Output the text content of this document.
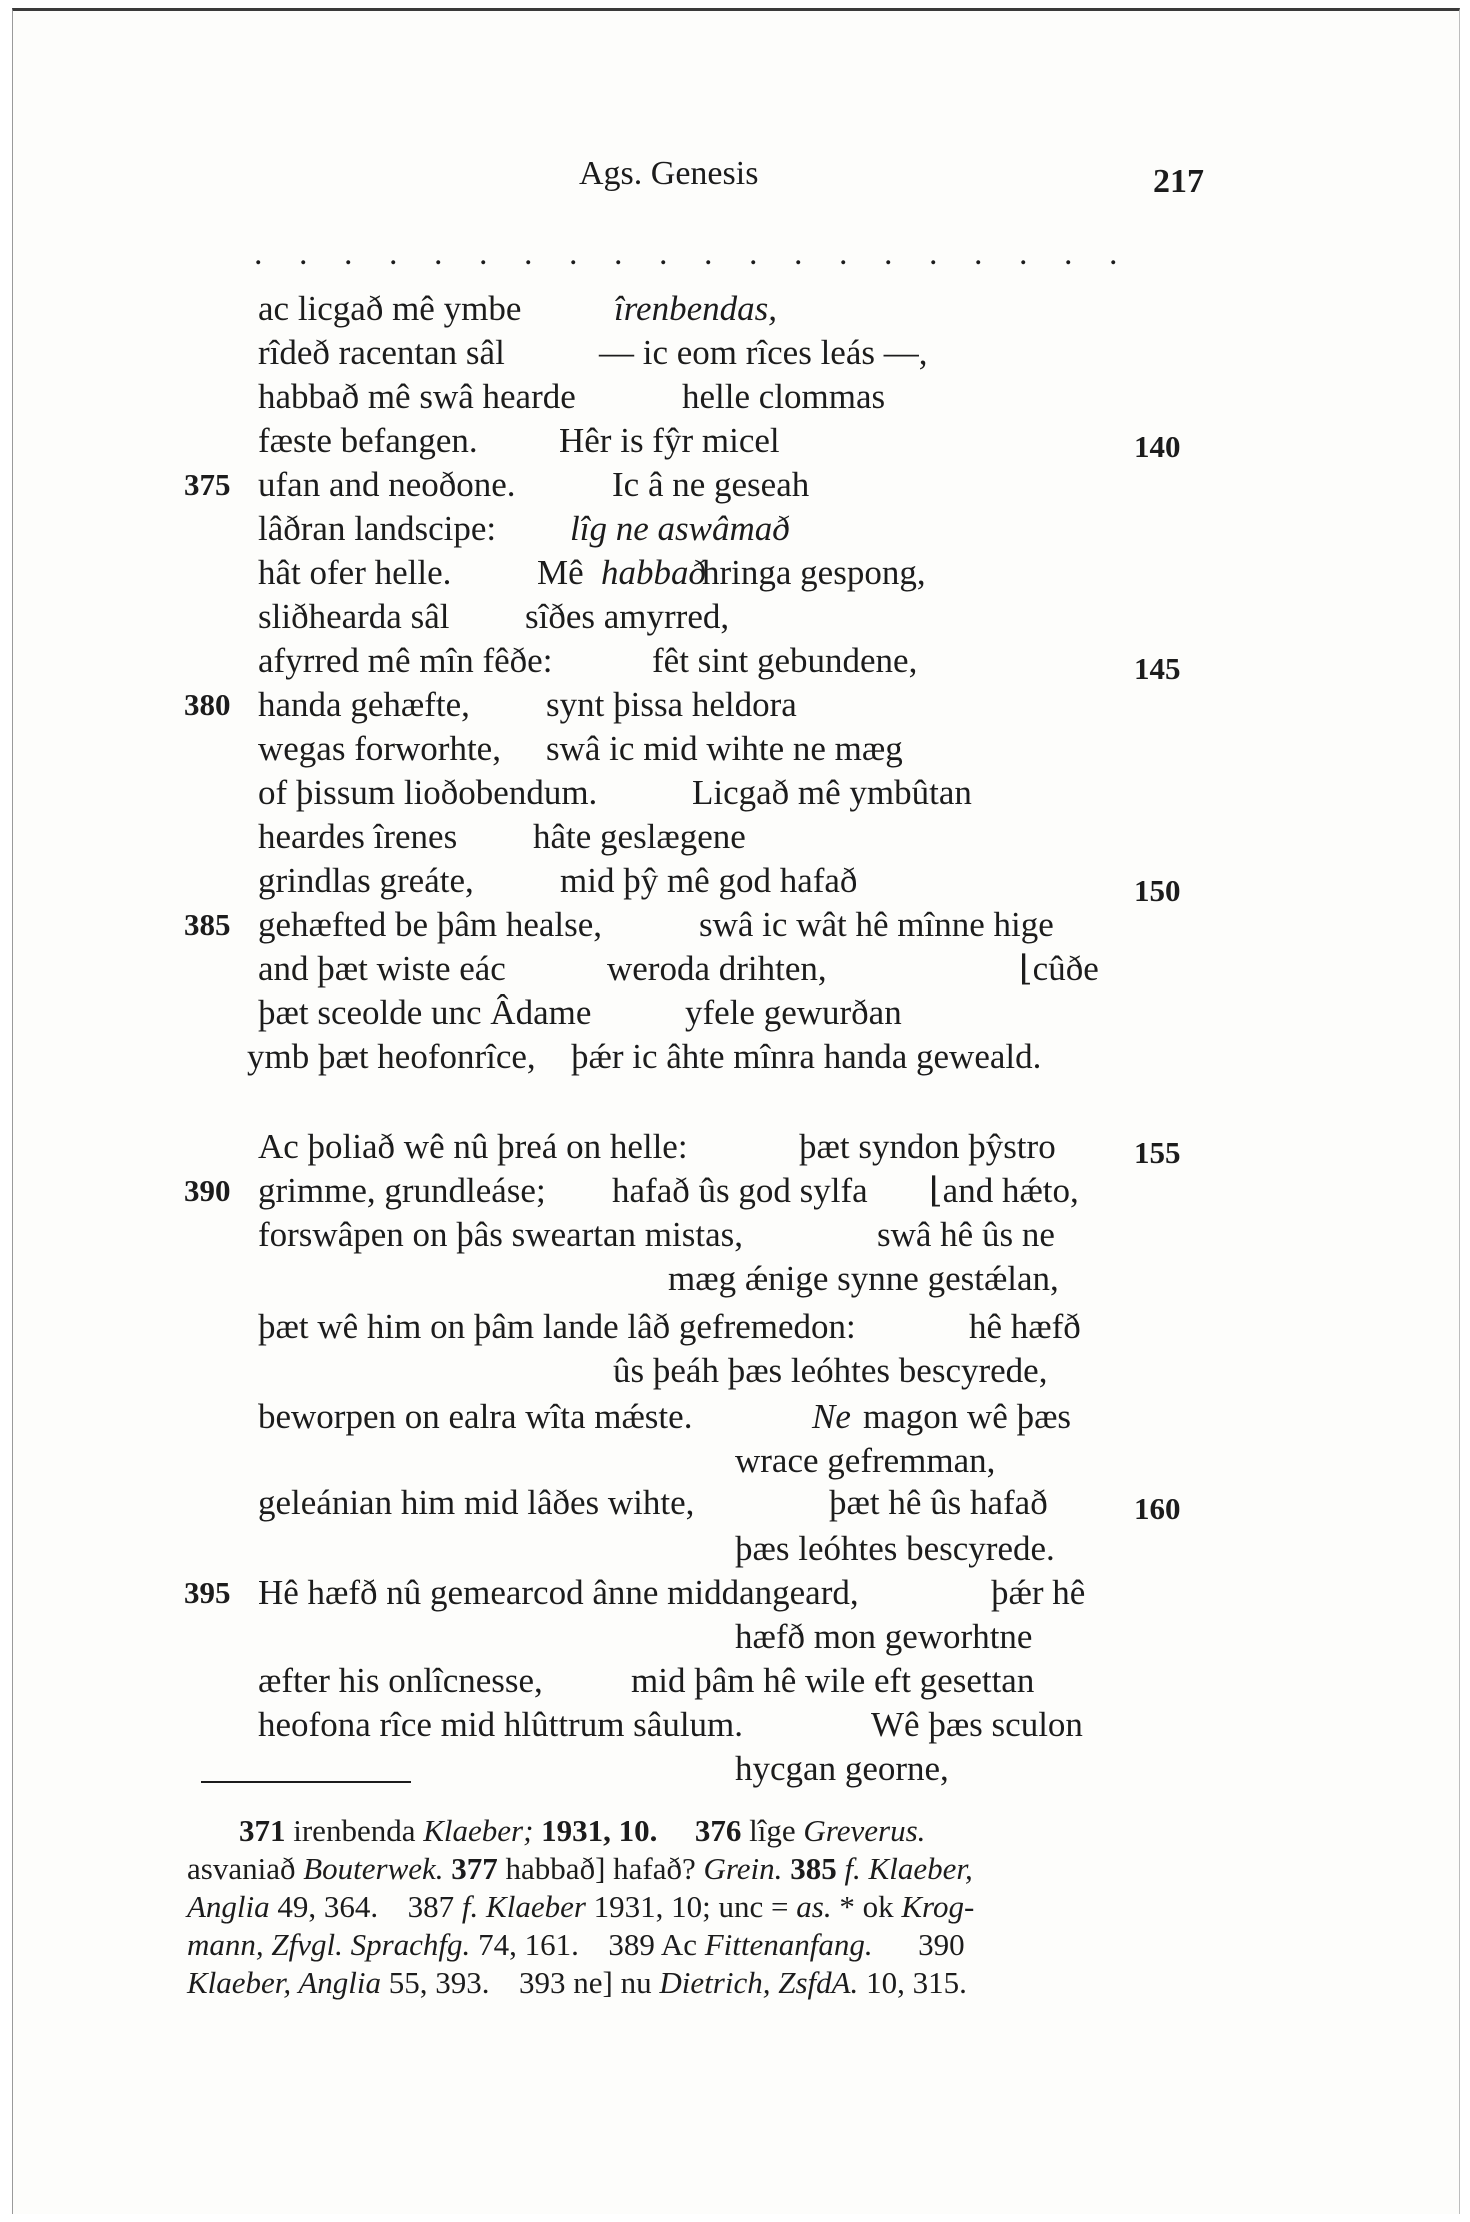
Ags. Genesis	217
. . . . . . . . . . . . . . . . . . . .
ac licgað mê ymbe	îrenbendas,
rîdeð racentan sâl	— ic eom rîces leás —,
habbað mê swâ hearde	helle clommas
fæste befangen. Hêr is fŷr micel	140
375 ufan and neoðone.	Ic â ne geseah
lâðran landscipe: lîg ne aswâmað
hât ofer helle. Mê habbað
hringa gespong,
sliðhearda sâl sîðes amyrred,
afyrred mê mîn fêðe:	fêt sint gebundene,	145
380 handa gehæfte, synt þissa heldora
wegas forworhte, swâ ic mid wihte ne mæg
of þissum lioðobendum.	Licgað mê ymbûtan
heardes îrenes hâte geslægene
grindlas greáte, mid þŷ mê god hafað	150
385 gehæfted be þâm healse,	swâ ic wât hê mînne hige
and þæt wiste eác	weroda drihten,	⌊cûðe
þæt sceolde unc Âdame	yfele gewurðan
ymb þæt heofonrîce, þǽr ic âhte mînra handa geweald.
Ac þoliað wê nû þreá on helle:	þæt syndon þŷstro	155
390 grimme, grundleáse; hafað ûs god sylfa ⌊and hǽto,
forswâpen on þâs sweartan mistas,	swâ hê ûs ne
mæg ǽnige synne gestǽlan,
þæt wê him on þâm lande lâð gefremedon:	hê hæfð
ûs þeáh þæs leóhtes bescyrede,
beworpen on ealra wîta mǽste.	Ne magon wê þæs
wrace gefremman,
geleánian him mid lâðes wihte,	þæt hê ûs hafað	160
þæs leóhtes bescyrede.
395 Hê hæfð nû gemearcod ânne middangeard,	þǽr hê
hæfð mon geworhtne
æfter his onlîcnesse,	mid þâm hê wile eft gesettan
heofona rîce mid hlûttrum sâulum.	Wê þæs sculon
hycgan georne,
371 irenbenda Klaeber; 1931, 10. 376 lîge Greverus.
asvaniað Bouterwek. 377 habbað] hafað? Grein. 385 f. Klaeber,
Anglia 49, 364. 387 f. Klaeber 1931, 10; unc = as. * ok Krog-
mann, Zfvgl. Sprachfg. 74, 161. 389 Ac Fittenanfang. 390
Klaeber, Anglia 55, 393. 393 ne] nu Dietrich, ZsfdA. 10, 315.
